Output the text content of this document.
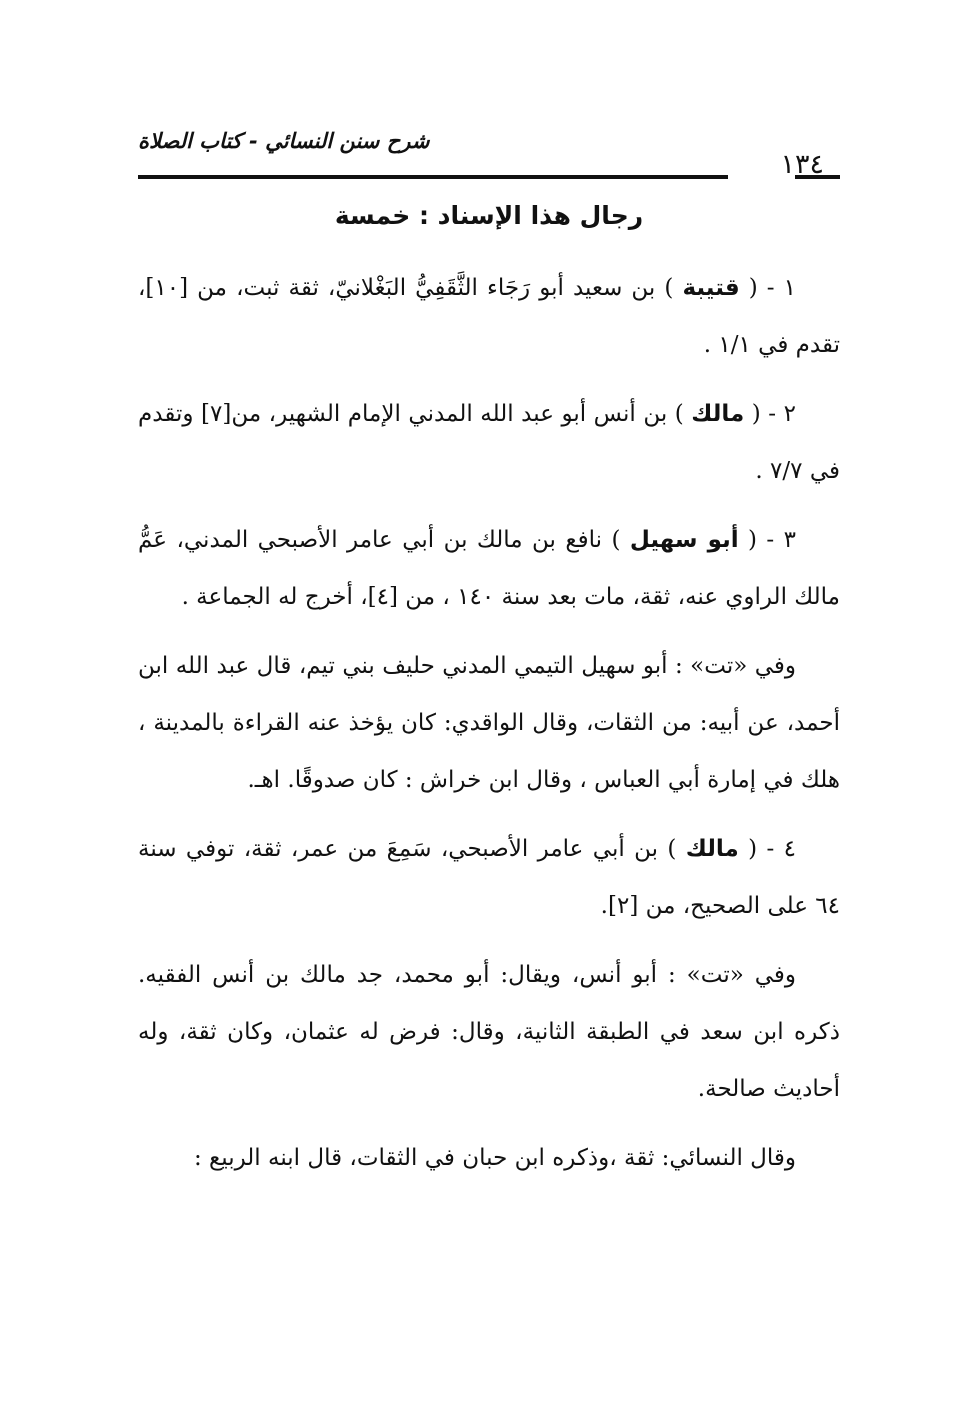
شرح سنن النسائي - كتاب الصلاة
١٣٤
رجال هذا الإسناد : خمسة

١ - ( قتيبة ) بن سعيد أبو رَجَاء الثَّقَفِيُّ البَغْلانيّ، ثقة ثبت، من [١٠]، تقدم في ١/١ .

٢ - ( مالك ) بن أنس أبو عبد الله المدني الإمام الشهير، من[٧] وتقدم في ٧/٧ .

٣ - ( أبو سهيل ) نافع بن مالك بن أبي عامر الأصبحي المدني، عَمُّ مالك الراوي عنه، ثقة، مات بعد سنة ١٤٠ ، من [٤]، أخرج له الجماعة .

وفي «تت» : أبو سهيل التيمي المدني حليف بني تيم، قال عبد الله ابن أحمد، عن أبيه: من الثقات، وقال الواقدي: كان يؤخذ عنه القراءة بالمدينة ، هلك في إمارة أبي العباس ، وقال ابن خراش : كان صدوقًا. اهـ.

٤ - ( مالك ) بن أبي عامر الأصبحي، سَمِعَ من عمر، ثقة، توفي سنة ٦٤ على الصحيح، من [٢].

وفي «تت» : أبو أنس، ويقال: أبو محمد، جد مالك بن أنس الفقيه. ذكره ابن سعد في الطبقة الثانية، وقال: فرض له عثمان، وكان ثقة، وله أحاديث صالحة.

وقال النسائي: ثقة ،وذكره ابن حبان في الثقات، قال ابنه الربيع :
